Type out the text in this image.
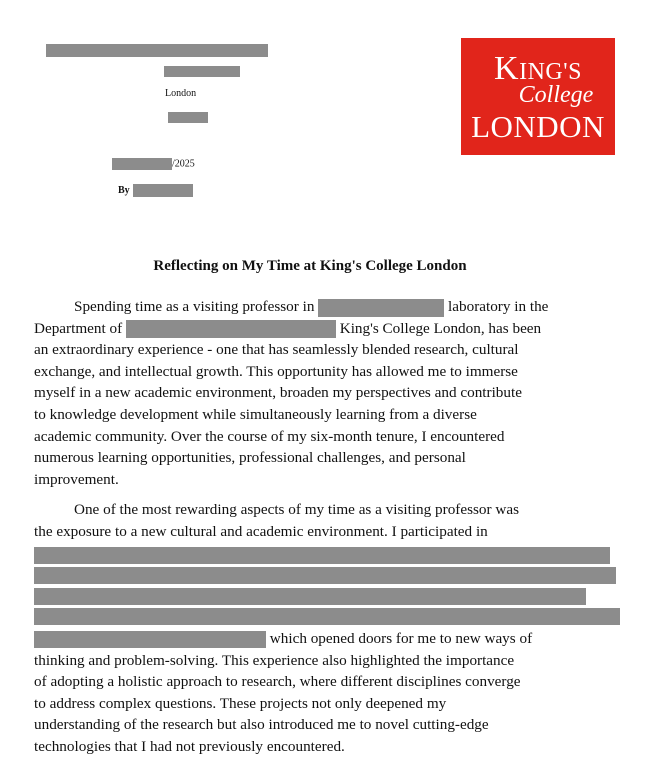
London
/2025
By
KING'S
College
LONDON
Reflecting on My Time at King's College London
Spending time as a visiting professor in	laboratory in the
Department of	King's College London, has been
an extraordinary experience - one that has seamlessly blended research, cultural
exchange, and intellectual growth. This opportunity has allowed me to immerse
myself in a new academic environment, broaden my perspectives and contribute
to knowledge development while simultaneously learning from a diverse
academic community. Over the course of my six-month tenure, I encountered
numerous learning opportunities, professional challenges, and personal
improvement.
One of the most rewarding aspects of my time as a visiting professor was
the exposure to a new cultural and academic environment. I participated in
which opened doors for me to new ways of
thinking and problem-solving. This experience also highlighted the importance
of adopting a holistic approach to research, where different disciplines converge
to address complex questions. These projects not only deepened my
understanding of the research but also introduced me to novel cutting-edge
technologies that I had not previously encountered.
